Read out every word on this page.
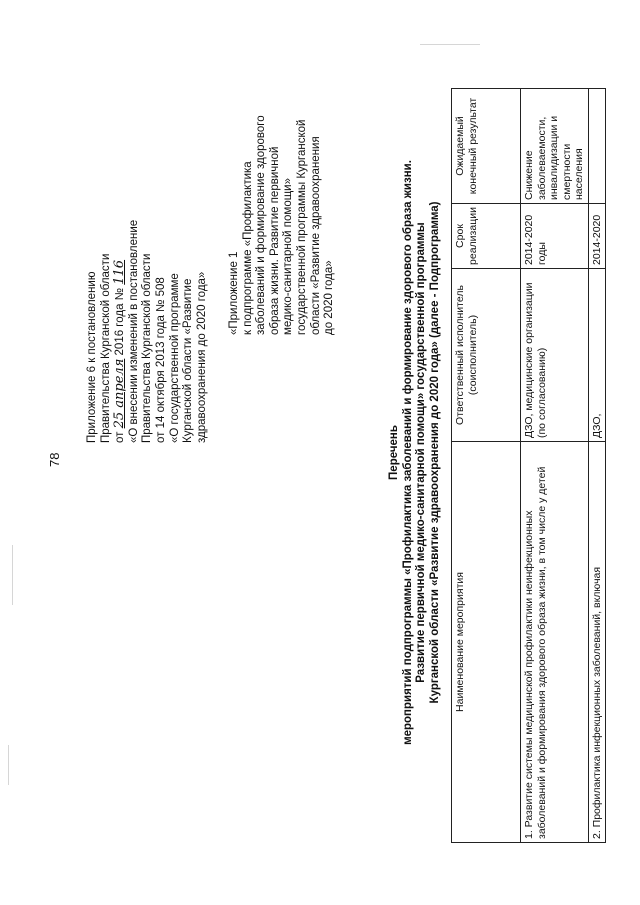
78
Приложение 6 к постановлению Правительства Курганской области от 25 апреля 2016 года № 116 «О внесении изменений в постановление Правительства Курганской области от 14 октября 2013 года № 508 «О государственной программе Курганской области «Развитие здравоохранения до 2020 года» «Приложение 1 к подпрограмме «Профилактика заболеваний и формирование здорового образа жизни. Развитие первичной медико-санитарной помощи» государственной программы Курганской области «Развитие здравоохранения до 2020 года»
Перечень мероприятий подпрограммы «Профилактика заболеваний и формирование здорового образа жизни. Развитие первичной медико-санитарной помощи» государственной программы Курганской области «Развитие здравоохранения до 2020 года» (далее - Подпрограмма) Наименование мероприятия	Ответственный исполнитель (соисполнитель)	Срок реализации	Ожидаемый конечный результат
1. Развитие системы медицинской профилактики неинфекционных заболеваний и формирования здорового образа жизни, в том числе у детей	ДЗО, медицинские организации (по согласованию)	2014-2020 годы	Снижение заболеваемости, инвалидизации и смертности населения
2. Профилактика инфекционных заболеваний, включая	ДЗО,	2014-2020	
